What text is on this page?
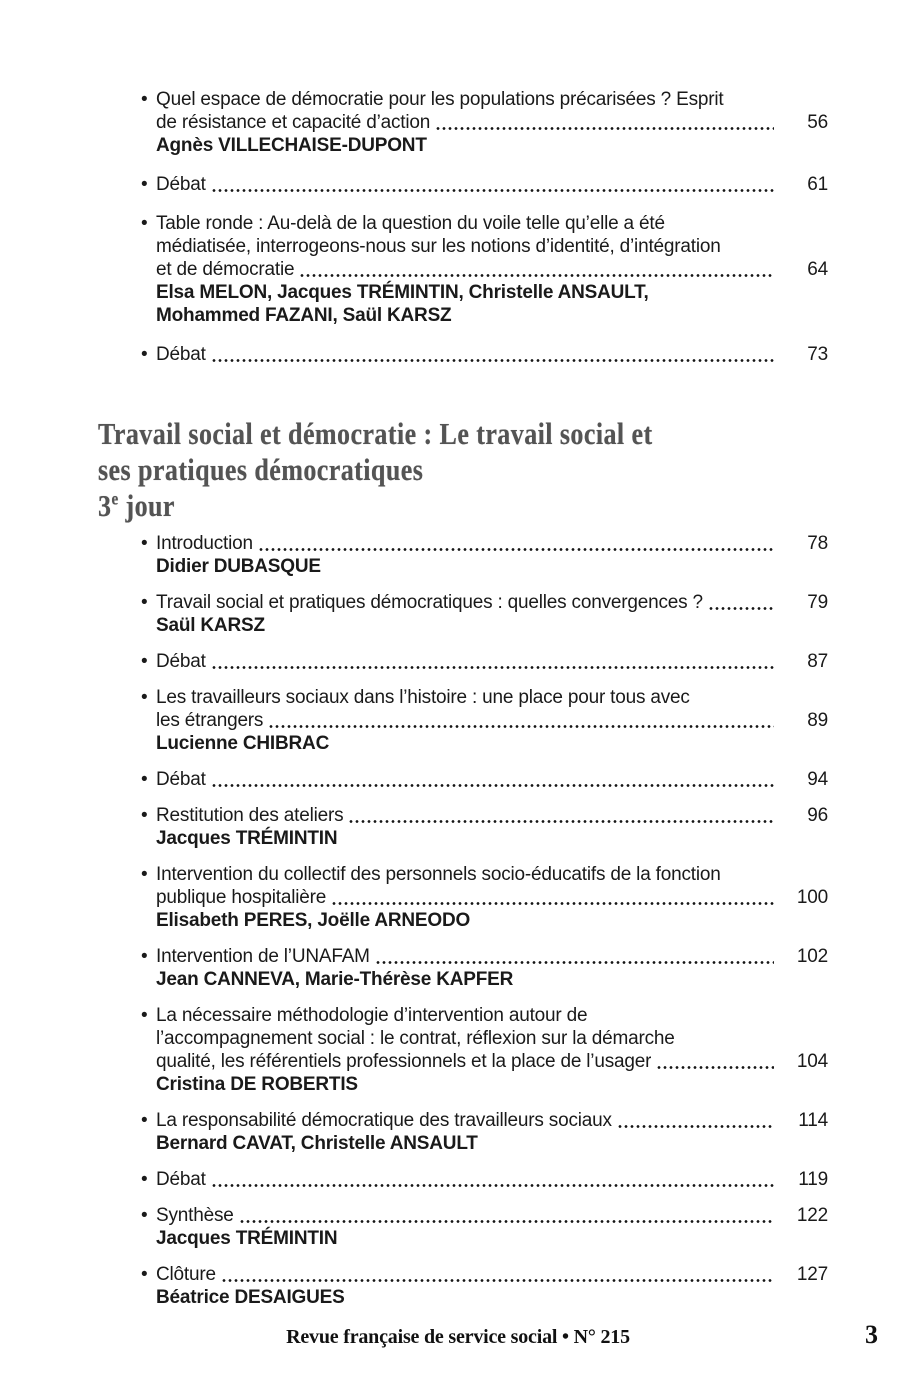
• Quel espace de démocratie pour les populations précarisées ? Esprit
de résistance et capacité d’action	56
Agnès VILLECHAISE-DUPONT
• Débat	61
• Table ronde : Au-delà de la question du voile telle qu’elle a été
médiatisée, interrogeons-nous sur les notions d’identité, d’intégration
et de démocratie	64
Elsa MELON, Jacques TRÉMINTIN, Christelle ANSAULT,
Mohammed FAZANI, Saül KARSZ
• Débat	73
Travail social et démocratie : Le travail social et
ses pratiques démocratiques
3e jour
• Introduction	78
Didier DUBASQUE
• Travail social et pratiques démocratiques : quelles convergences ?	79
Saül KARSZ
• Débat	87
• Les travailleurs sociaux dans l’histoire : une place pour tous avec
les étrangers	89
Lucienne CHIBRAC
• Débat	94
• Restitution des ateliers	96
Jacques TRÉMINTIN
• Intervention du collectif des personnels socio-éducatifs de la fonction
publique hospitalière	100
Elisabeth PERES, Joëlle ARNEODO
• Intervention de l’UNAFAM	102
Jean CANNEVA, Marie-Thérèse KAPFER
• La nécessaire méthodologie d’intervention autour de
l’accompagnement social : le contrat, réflexion sur la démarche
qualité, les référentiels professionnels et la place de l’usager	104
Cristina DE ROBERTIS
• La responsabilité démocratique des travailleurs sociaux	114
Bernard CAVAT, Christelle ANSAULT
• Débat	119
• Synthèse	122
Jacques TRÉMINTIN
• Clôture	127
Béatrice DESAIGUES
Revue française de service social • N° 215	3
